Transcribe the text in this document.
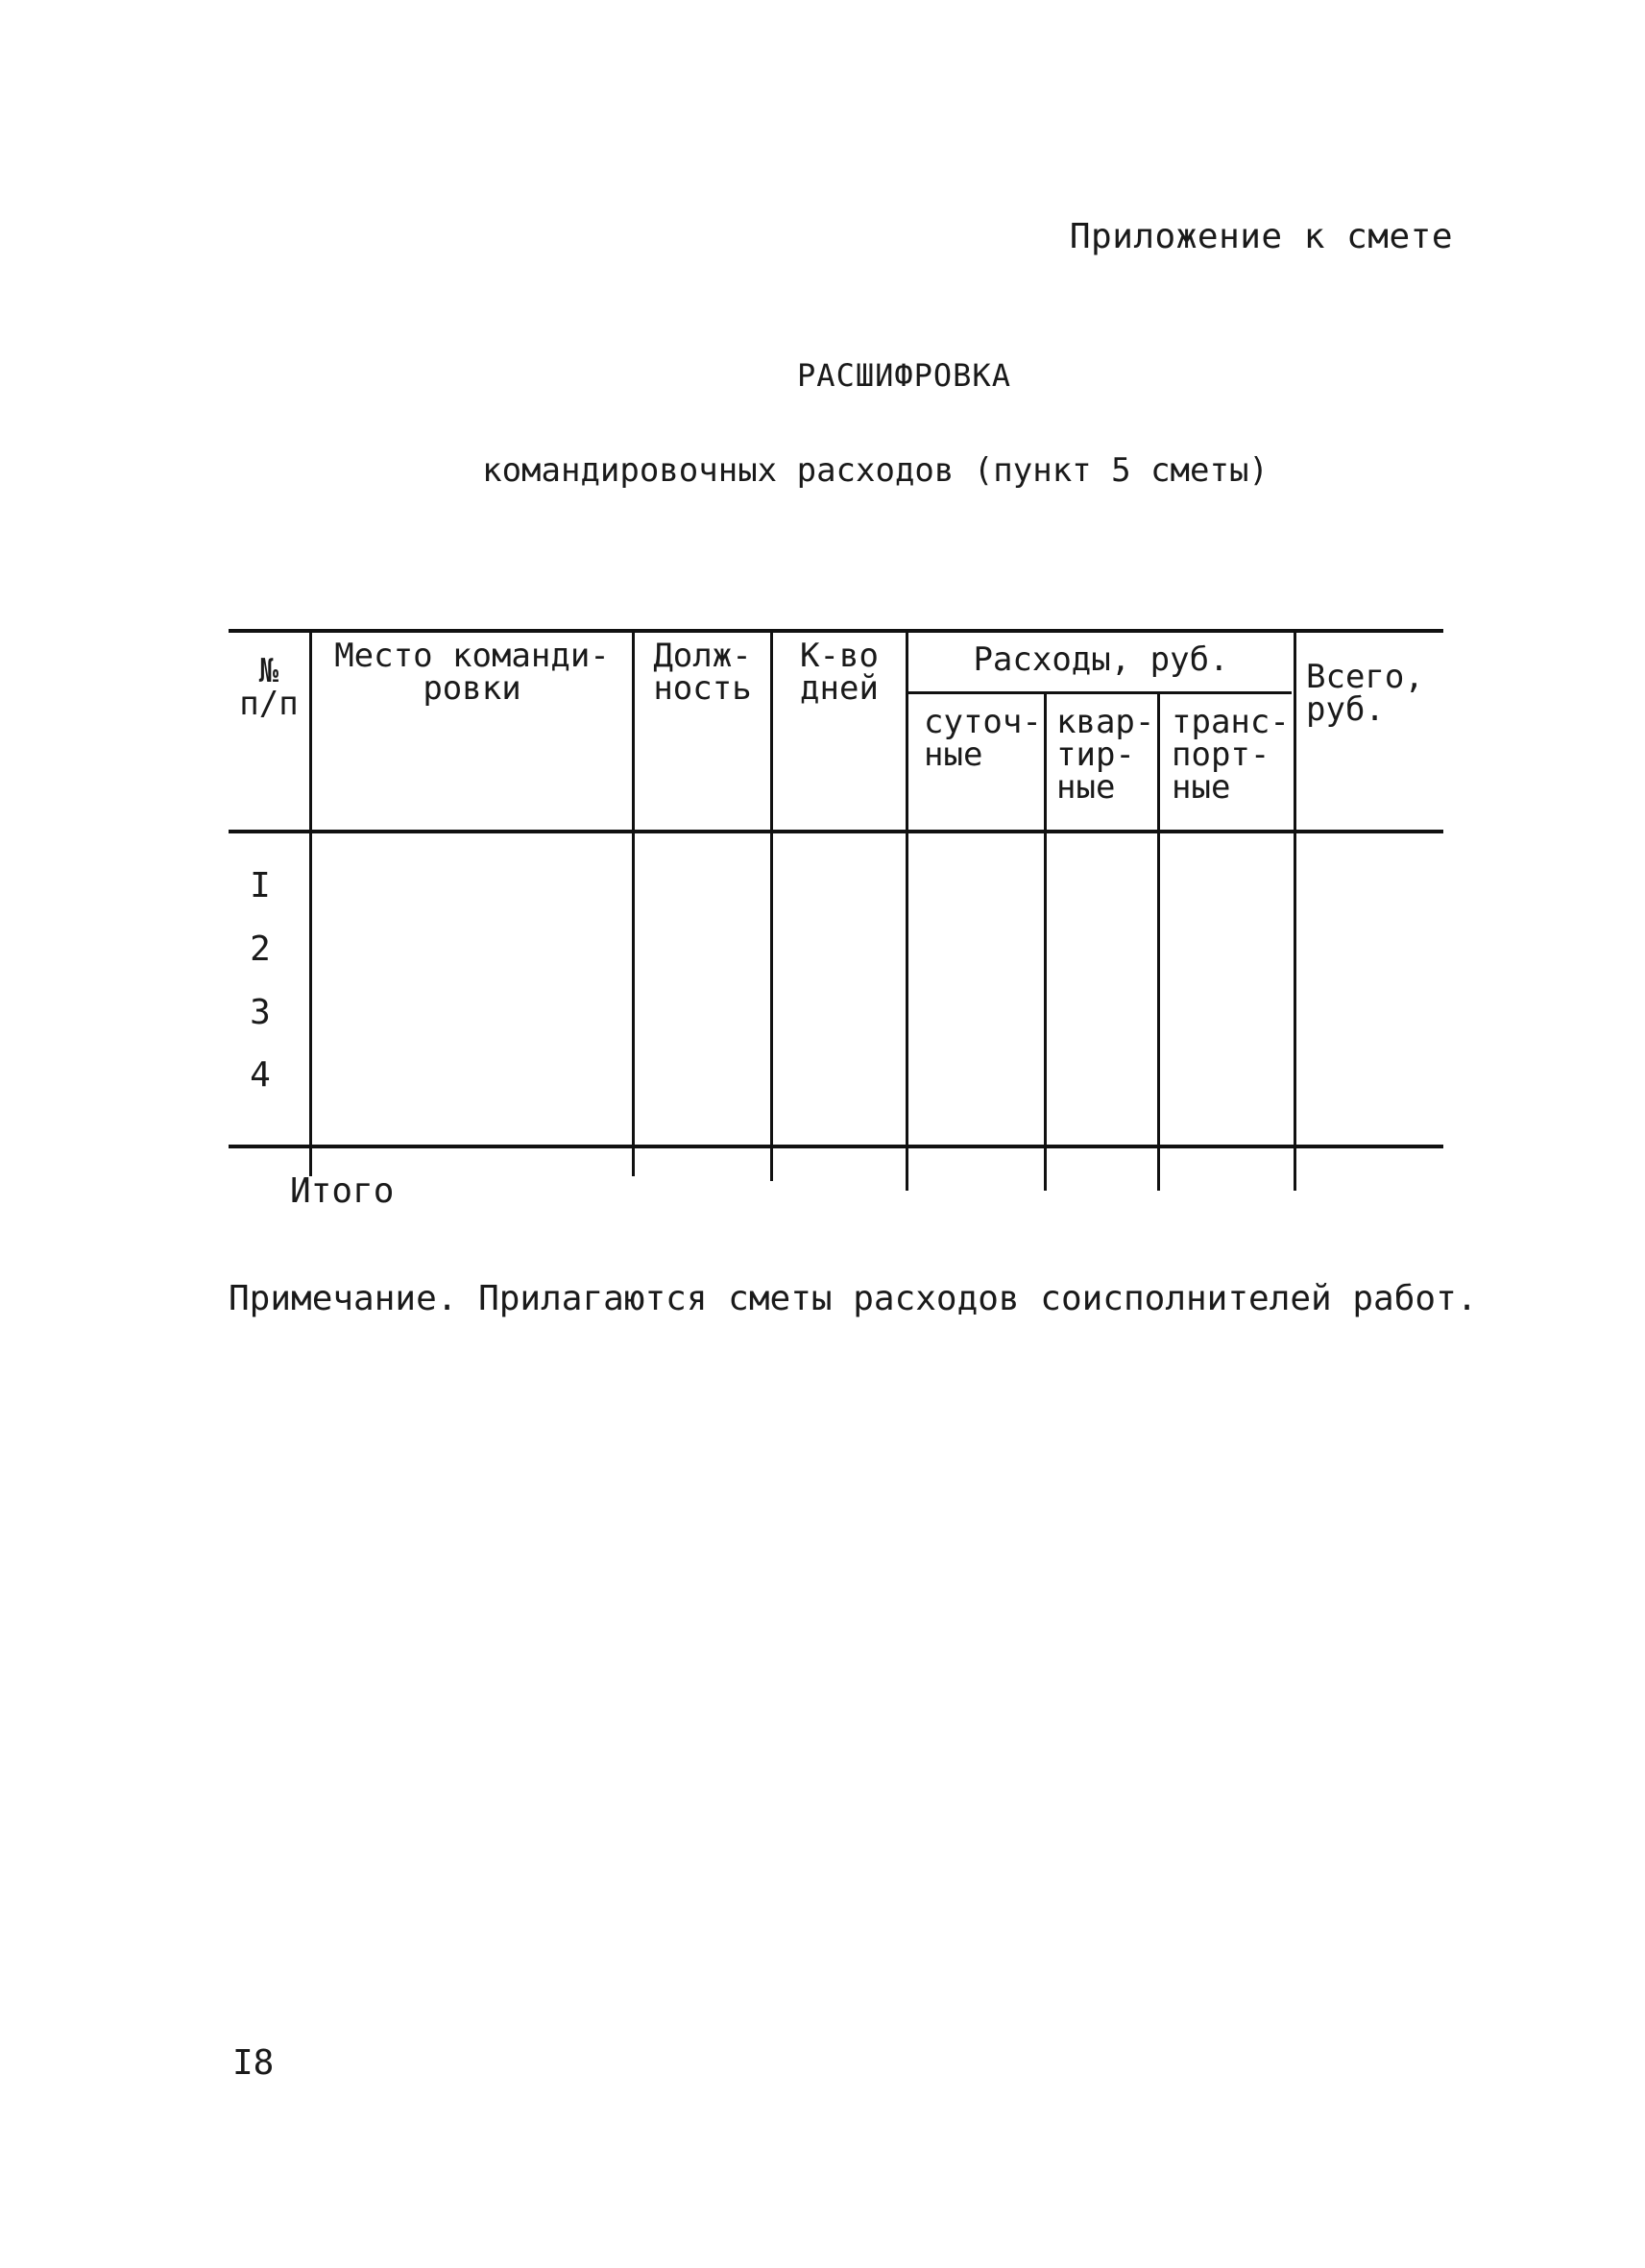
Приложение к смете
РАСШИФРОВКА
командировочных расходов (пункт 5 сметы)
№
п/п
Место команди-
ровки
Долж-
ность
К-во
дней
Расходы, руб.
суточ-
ные
квар-
тир-
ные
транс-
порт-
ные
Всего,
руб.
I
2
3
4
Итого
Примечание. Прилагаются сметы расходов соисполнителей работ.
I8
